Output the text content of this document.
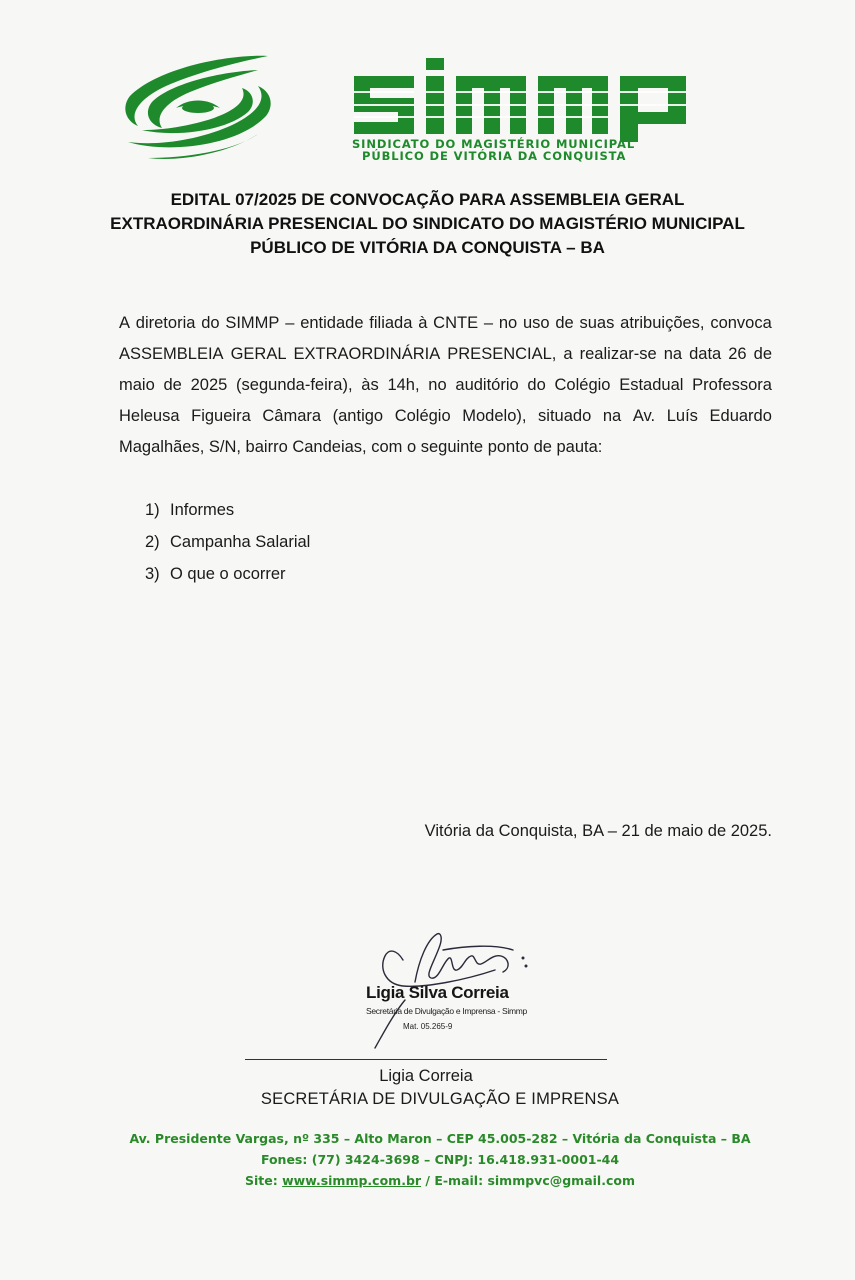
SINDICATO DO MAGISTÉRIO MUNICIPAL
PÚBLICO DE VITÓRIA DA CONQUISTA
EDITAL 07/2025 DE CONVOCAÇÃO PARA ASSEMBLEIA GERAL
EXTRAORDINÁRIA PRESENCIAL DO SINDICATO DO MAGISTÉRIO MUNICIPAL
PÚBLICO DE VITÓRIA DA CONQUISTA – BA
A diretoria do SIMMP – entidade filiada à CNTE – no uso de suas atribuições, convoca
ASSEMBLEIA GERAL EXTRAORDINÁRIA PRESENCIAL, a realizar-se na data 26 de
maio de 2025 (segunda-feira), às 14h, no auditório do Colégio Estadual Professora
Heleusa Figueira Câmara (antigo Colégio Modelo), situado na Av. Luís Eduardo
Magalhães, S/N, bairro Candeias, com o seguinte ponto de pauta:
1) Informes
2) Campanha Salarial
3) O que o ocorrer
Vitória da Conquista, BA – 21 de maio de 2025.
Ligia Silva Correia
Secretária de Divulgação e Imprensa - Simmp
Mat. 05.265-9
Ligia Correia
SECRETÁRIA DE DIVULGAÇÃO E IMPRENSA
Av. Presidente Vargas, nº 335 – Alto Maron – CEP 45.005-282 – Vitória da Conquista – BA
Fones: (77) 3424-3698 – CNPJ: 16.418.931-0001-44
Site: www.simmp.com.br / E-mail: simmpvc@gmail.com
